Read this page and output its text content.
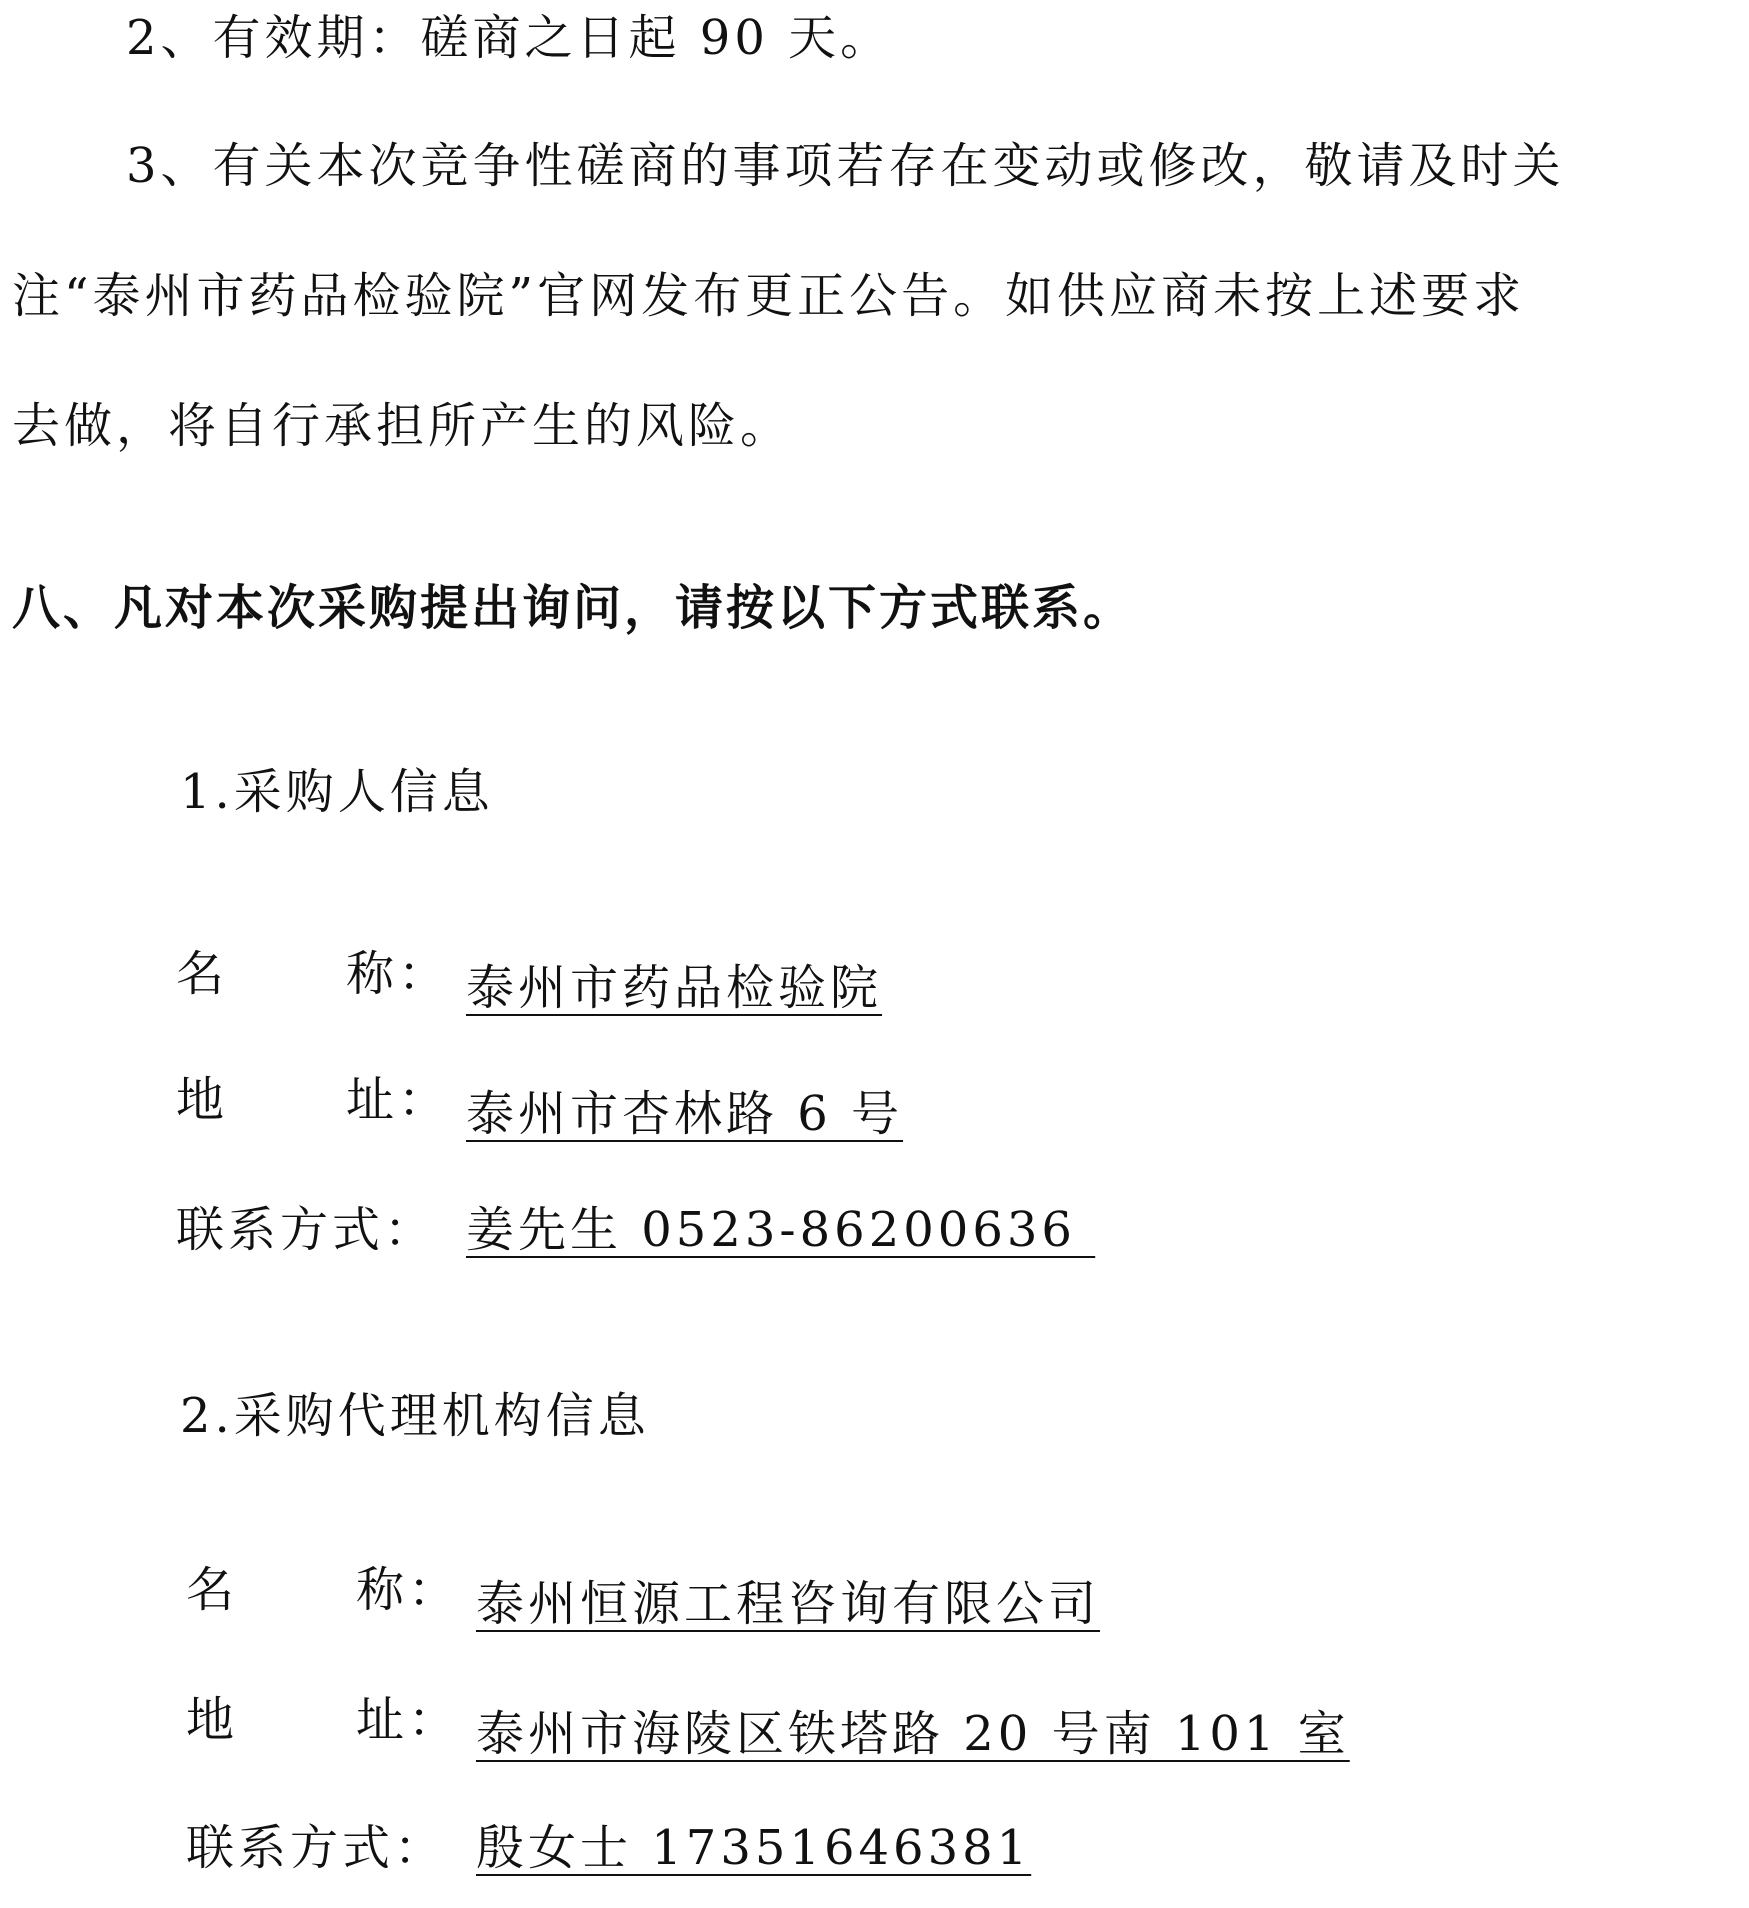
2、有效期：磋商之日起 90 天。
3、有关本次竞争性磋商的事项若存在变动或修改，敬请及时关
注“泰州市药品检验院”官网发布更正公告。如供应商未按上述要求
去做，将自行承担所产生的风险。
八、凡对本次采购提出询问，请按以下方式联系。
1.采购人信息
名 称： 泰州市药品检验院
地 址： 泰州市杏林路 6 号
联系方式： 姜先生 0523-86200636
2.采购代理机构信息
名 称： 泰州恒源工程咨询有限公司
地 址： 泰州市海陵区铁塔路 20 号南 101 室
联系方式： 殷女士 17351646381
